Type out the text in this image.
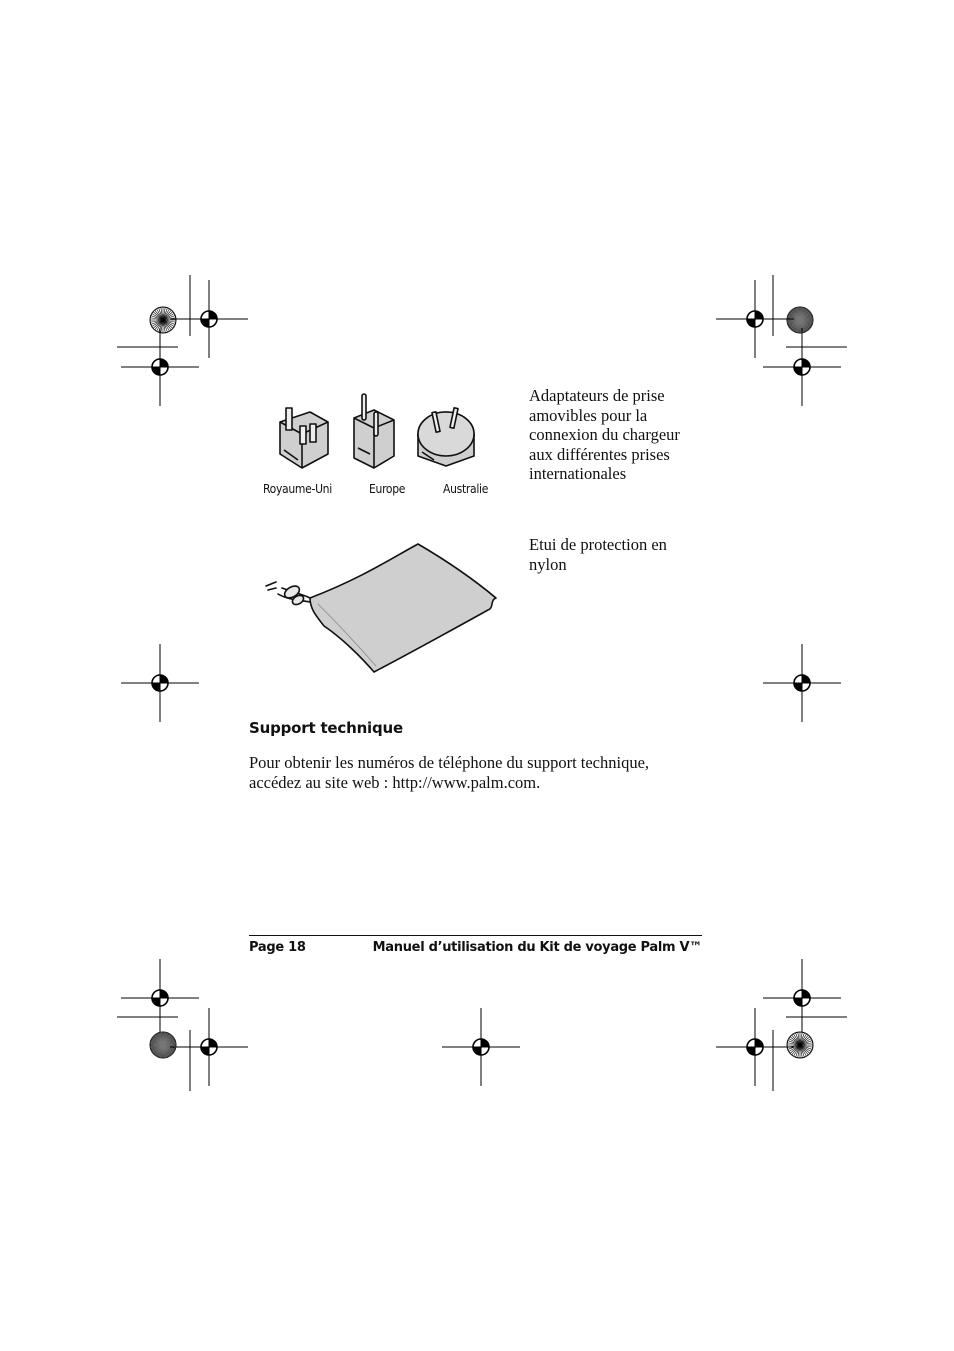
Royaume-Uni	Europe	Australie
Adaptateurs de prise amovibles pour la connexion du chargeur aux différentes prises internationales
Etui de protection en nylon
Support technique
Pour obtenir les numéros de téléphone du support technique,
accédez au site web : http://www.palm.com.
Page 18	Manuel d’utilisation du Kit de voyage Palm V™
